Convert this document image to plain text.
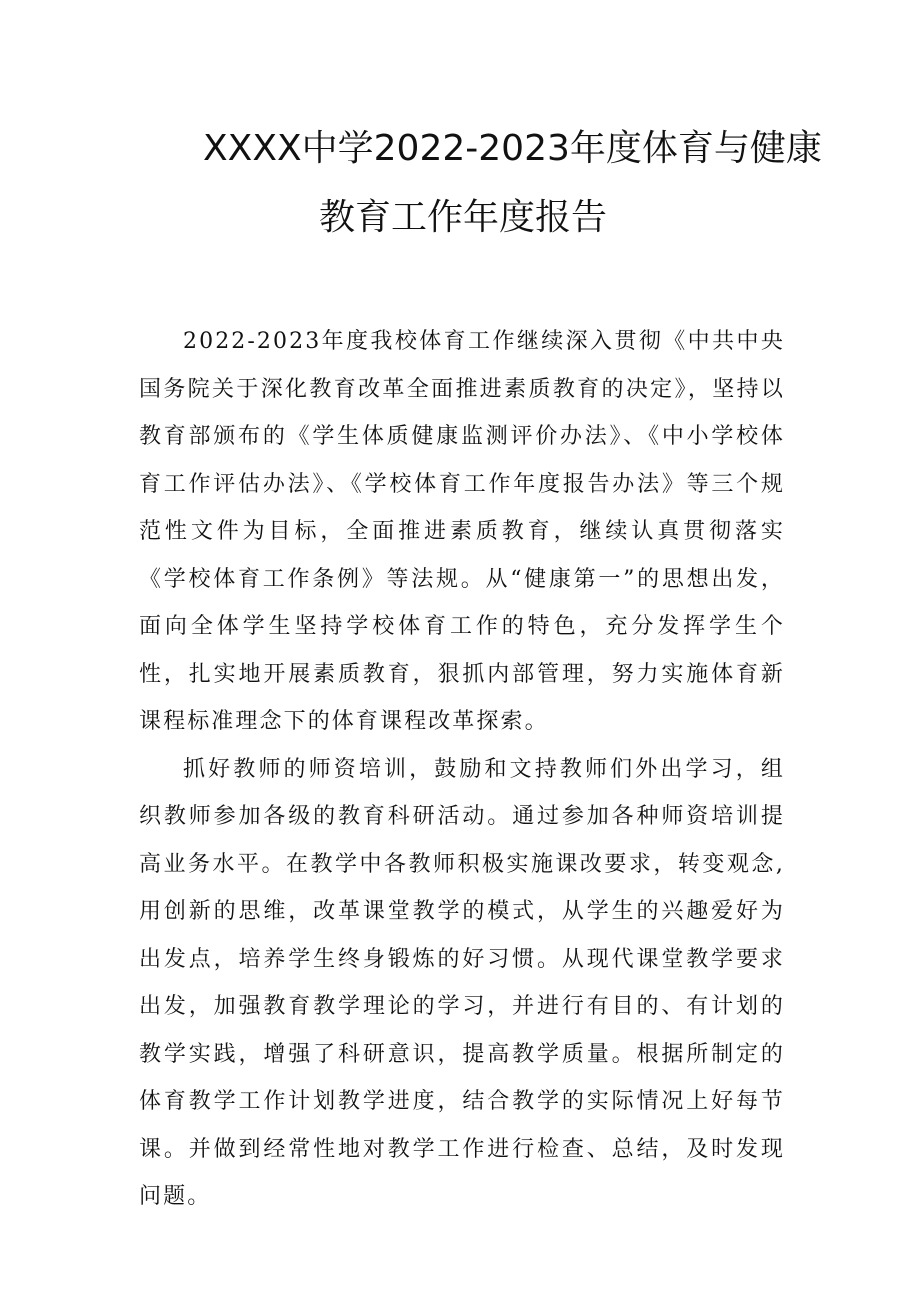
XXXX中学2022-2023年度体育与健康
教育工作年度报告

2022-2023年度我校体育工作继续深入贯彻《中共中央国务院关于深化教育改革全面推进素质教育的决定》，坚持以教育部颁布的《学生体质健康监测评价办法》、《中小学校体育工作评估办法》、《学校体育工作年度报告办法》等三个规范性文件为目标，全面推进素质教育，继续认真贯彻落实《学校体育工作条例》等法规。从“健康第一”的思想出发，面向全体学生坚持学校体育工作的特色，充分发挥学生个性，扎实地开展素质教育，狠抓内部管理，努力实施体育新课程标准理念下的体育课程改革探索。

抓好教师的师资培训，鼓励和文持教师们外出学习，组织教师参加各级的教育科研活动。通过参加各种师资培训提高业务水平。在教学中各教师积极实施课改要求，转变观念,用创新的思维，改革课堂教学的模式，从学生的兴趣爱好为出发点，培养学生终身锻炼的好习惯。从现代课堂教学要求出发，加强教育教学理论的学习，并进行有目的、有计划的教学实践，增强了科研意识，提高教学质量。根据所制定的体育教学工作计划教学进度，结合教学的实际情况上好每节课。并做到经常性地对教学工作进行检查、总结，及时发现问题。
